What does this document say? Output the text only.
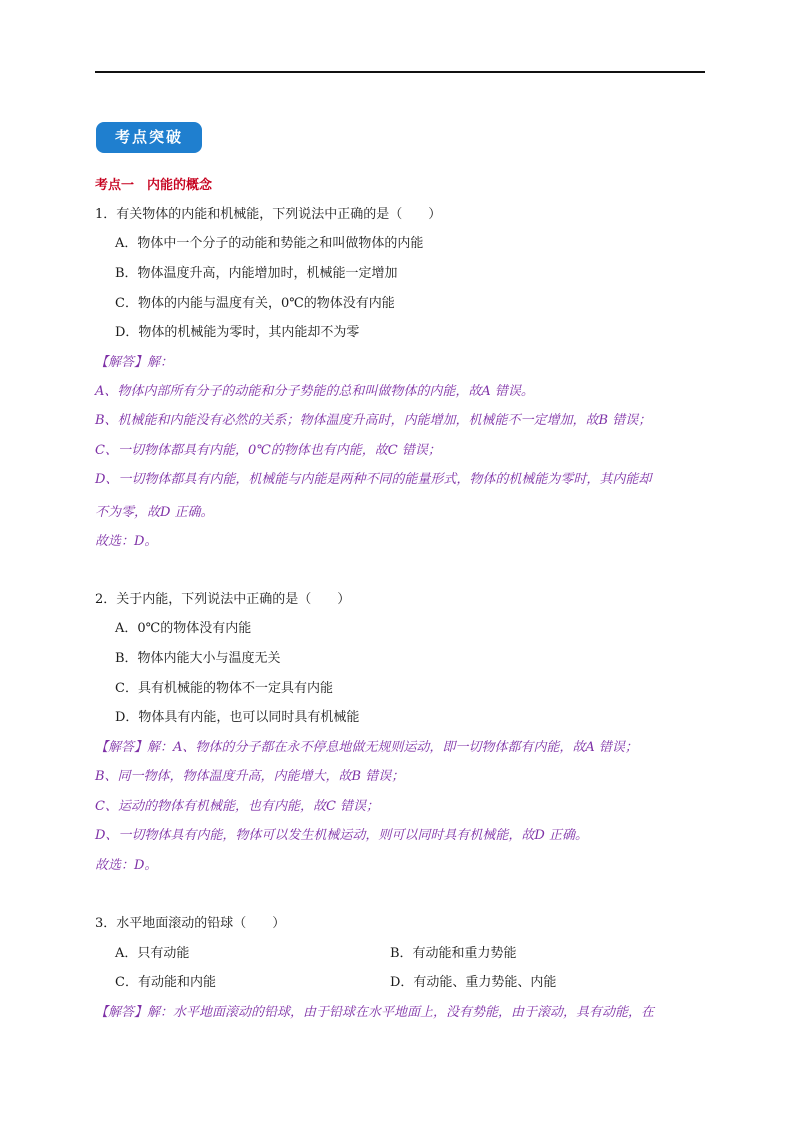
考点突破
考点一　内能的概念
1．有关物体的内能和机械能，下列说法中正确的是（　　）
A．物体中一个分子的动能和势能之和叫做物体的内能
B．物体温度升高，内能增加时，机械能一定增加
C．物体的内能与温度有关，0℃的物体没有内能
D．物体的机械能为零时，其内能却不为零
【解答】解：
A、物体内部所有分子的动能和分子势能的总和叫做物体的内能，故A 错误。
B、机械能和内能没有必然的关系；物体温度升高时，内能增加，机械能不一定增加，故B 错误；
C、一切物体都具有内能，0℃的物体也有内能，故C 错误；
D、一切物体都具有内能，机械能与内能是两种不同的能量形式，物体的机械能为零时，其内能却
不为零，故D 正确。
故选：D。
2．关于内能，下列说法中正确的是（　　）
A．0℃的物体没有内能
B．物体内能大小与温度无关
C．具有机械能的物体不一定具有内能
D．物体具有内能，也可以同时具有机械能
【解答】解：A、物体的分子都在永不停息地做无规则运动，即一切物体都有内能，故A 错误；
B、同一物体，物体温度升高，内能增大，故B 错误；
C、运动的物体有机械能，也有内能，故C 错误；
D、一切物体具有内能，物体可以发生机械运动，则可以同时具有机械能，故D 正确。
故选：D。
3．水平地面滚动的铅球（　　）
A．只有动能	B．有动能和重力势能
C．有动能和内能	D．有动能、重力势能、内能
【解答】解：水平地面滚动的铅球，由于铅球在水平地面上，没有势能，由于滚动，具有动能，在
